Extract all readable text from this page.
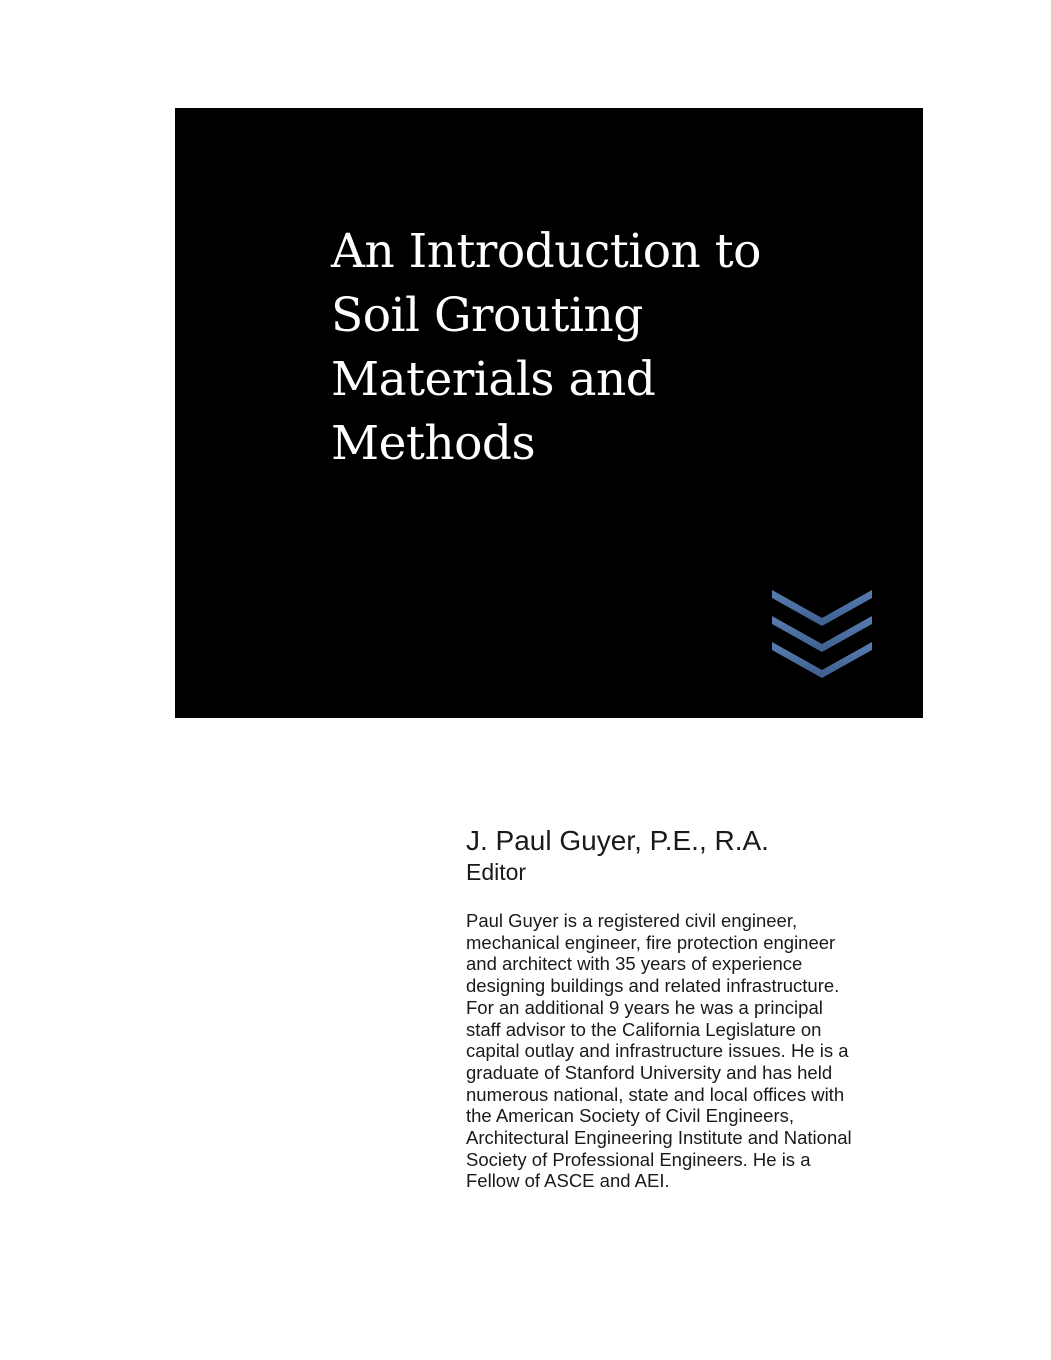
An Introduction to
Soil Grouting
Materials and
Methods
J. Paul Guyer, P.E., R.A.
Editor
Paul Guyer is a registered civil engineer,
mechanical engineer, fire protection engineer
and architect with 35 years of experience
designing buildings and related infrastructure.
For an additional 9 years he was a principal
staff advisor to the California Legislature on
capital outlay and infrastructure issues. He is a
graduate of Stanford University and has held
numerous national, state and local offices with
the American Society of Civil Engineers,
Architectural Engineering Institute and National
Society of Professional Engineers. He is a
Fellow of ASCE and AEI.
